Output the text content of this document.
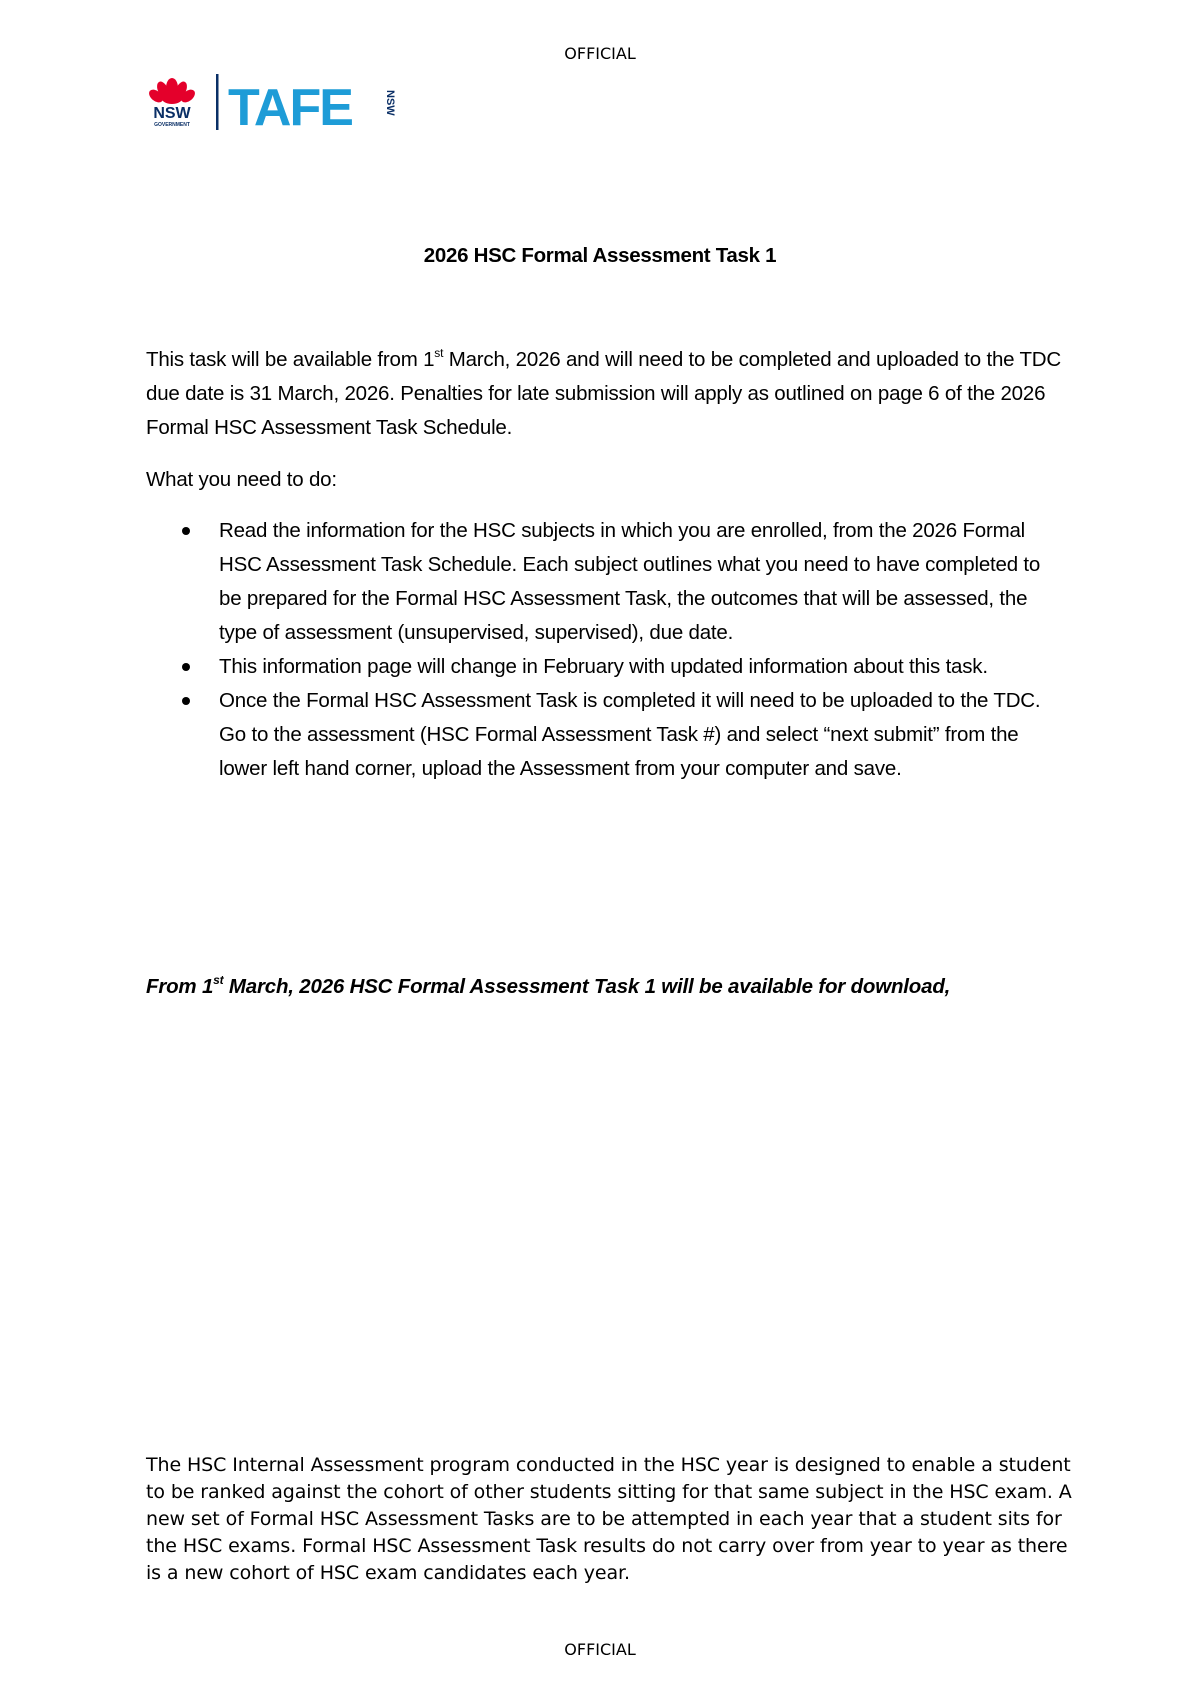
OFFICIAL
NSW
GOVERNMENT TAFE	NSW
2026 HSC Formal Assessment Task 1
This task will be available from 1st March, 2026 and will need to be completed and uploaded to the TDC due date is 31 March, 2026. Penalties for late submission will apply as outlined on page 6 of the 2026 Formal HSC Assessment Task Schedule.
What you need to do:
Read the information for the HSC subjects in which you are enrolled, from the 2026 Formal HSC Assessment Task Schedule. Each subject outlines what you need to have completed to be prepared for the Formal HSC Assessment Task, the outcomes that will be assessed, the type of assessment (unsupervised, supervised), due date.
This information page will change in February with updated information about this task.
Once the Formal HSC Assessment Task is completed it will need to be uploaded to the TDC. Go to the assessment (HSC Formal Assessment Task #) and select “next submit” from the lower left hand corner, upload the Assessment from your computer and save.
From 1st March, 2026 HSC Formal Assessment Task 1 will be available for download,
The HSC Internal Assessment program conducted in the HSC year is designed to enable a student to be ranked against the cohort of other students sitting for that same subject in the HSC exam. A new set of Formal HSC Assessment Tasks are to be attempted in each year that a student sits for the HSC exams. Formal HSC Assessment Task results do not carry over from year to year as there is a new cohort of HSC exam candidates each year.
OFFICIAL
